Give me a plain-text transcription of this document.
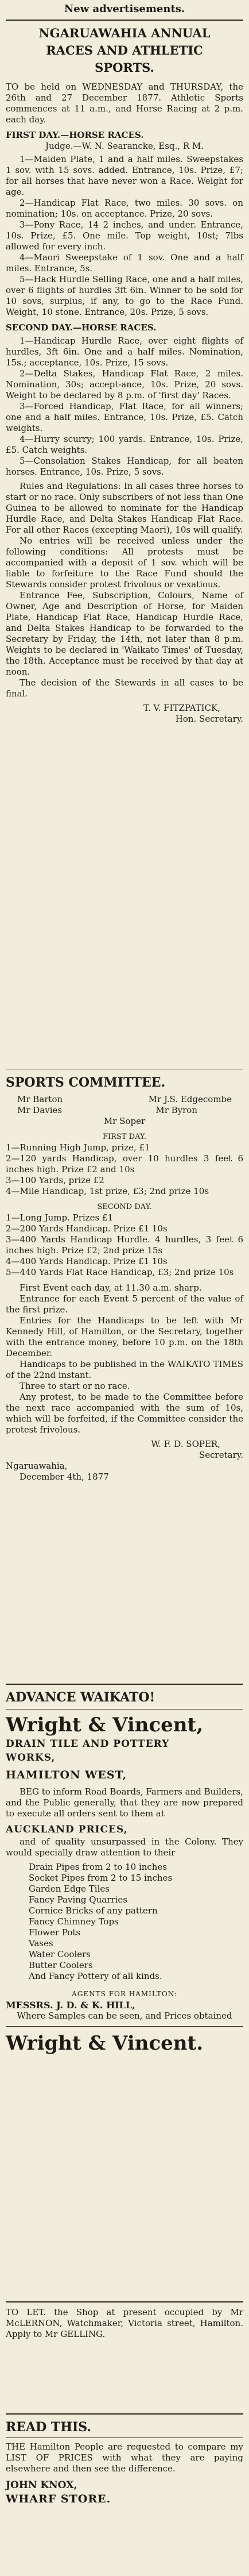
New advertisements.
NGARUAWAHIA ANNUAL
RACES AND ATHLETIC
SPORTS.

TO be held on WEDNESDAY and THURSDAY, the 26th and 27 December 1877. Athletic Sports commences at 11 a.m., and Horse Racing at 2 p.m. each day.

FIRST DAY.—HORSE RACES.

Judge.—W. N. Searancke, Esq., R M.

1—Maiden Plate, 1 and a half miles. Sweepstakes 1 sov. with 15 sovs. added. Entrance, 10s. Prize, £7; for all horses that have never won a Race. Weight for age.

2—Handicap Flat Race, two miles. 30 sovs. on nomination; 10s. on acceptance. Prize, 20 sovs.

3—Pony Race, 14 2 inches, and under. Entrance, 10s. Prize, £5. One mile. Top weight, 10st; 7lbs allowed for every inch.

4—Maori Sweepstake of 1 sov. One and a half miles. Entrance, 5s.

5—Hack Hurdle Selling Race, one and a half miles, over 6 flights of hurdles 3ft 6in. Winner to be sold for 10 sovs, surplus, if any, to go to the Race Fund. Weight, 10 stone. Entrance, 20s. Prize, 5 sovs.

SECOND DAY.—HORSE RACES.

1—Handicap Hurdle Race, over eight flights of hurdles, 3ft 6in. One and a half miles. Nomination, 15s.; acceptance, 10s. Prize, 15 sovs.

2—Delta Stakes, Handicap Flat Race, 2 miles. Nomination, 30s; accept-ance, 10s. Prize, 20 sovs. Weight to be declared by 8 p.m. of 'first day' Races.

3—Forced Handicap, Flat Race, for all winners; one and a half miles. Entrance, 10s. Prize, £5. Catch weights.

4—Hurry scurry; 100 yards. Entrance, 10s. Prize, £5. Catch weights.

5—Consolation Stakes Handicap, for all beaten horses. Entrance, 10s. Prize, 5 sovs.

Rules and Regulations: In all cases three horses to start or no race. Only subscribers of not less than One Guinea to be allowed to nominate for the Handicap Hurdle Race, and Delta Stakes Handicap Flat Race. For all other Races (excepting Maori), 10s will qualify.

No entries will be received unless under the following conditions: All protests must be accompanied with a deposit of 1 sov. which will be liable to forfeiture to the Race Fund should the Stewards consider protest frivolous or vexatious.

Entrance Fee, Subscription, Colours, Name of Owner, Age and Description of Horse, for Maiden Plate, Handicap Flat Race, Handicap Hurdle Race, and Delta Stakes Handicap to be forwarded to the Secretary by Friday, the 14th, not later than 8 p.m. Weights to be declared in 'Waikato Times' of Tuesday, the 18th. Acceptance must be received by that day at noon.

The decision of the Stewards in all cases to be final.

T. V. FITZPATICK,

Hon. Secretary.

SPORTS COMMITTEE.

Mr Barton	Mr J.S. Edgecombe
Mr Davies	Mr Byron

Mr Soper

FIRST DAY.

1—Running High Jump, prize, £1

2—120 yards Handicap, over 10 hurdles 3 feet 6 inches high. Prize £2 and 10s

3—100 Yards, prize £2

4—Mile Handicap, 1st prize, £3; 2nd prize 10s

SECOND DAY.

1—Long Jump. Prizes £1

2—200 Yards Handicap. Prize £1 10s

3—400 Yards Handicap Hurdle. 4 hurdles, 3 feet 6 inches high. Prize £2; 2nd prize 15s

4—400 Yards Handicap. Prize £1 10s

5—440 Yards Flat Race Handicap, £3; 2nd prize 10s

First Event each day, at 11.30 a.m. sharp.

Entrance for each Event 5 percent of the value of the first prize.

Entries for the Handicaps to be left with Mr Kennedy Hill, of Hamilton, or the Secretary, together with the entrance money, before 10 p.m. on the 18th December.

Handicaps to be published in the WAIKATO TIMES of the 22nd instant.

Three to start or no race.

Any protest, to be made to the Committee before the next race accompanied with the sum of 10s, which will be forfeited, if the Committee consider the protest frivolous.

W. F. D. SOPER,

Secretary.

Ngaruawahia,

December 4th, 1877

ADVANCE WAIKATO!

Wright & Vincent,

DRAIN TILE AND POTTERY

WORKS,

HAMILTON WEST,

BEG to inform Road Boards, Farmers and Builders, and the Public generally, that they are now prepared to execute all orders sent to them at

AUCKLAND PRICES,

and of quality unsurpassed in the Colony. They would specially draw attention to their

Drain Pipes from 2 to 10 inches

Socket Pipes from 2 to 15 inches

Garden Edge Tiles

Fancy Paving Quarries

Cornice Bricks of any pattern

Fancy Chimney Tops

Flower Pots

Vases

Water Coolers

Butter Coolers

And Fancy Pottery of all kinds.

AGENTS FOR HAMILTON:

MESSRS. J. D. & K. HILL,

Where Samples can be seen, and Prices obtained

Wright & Vincent.

TO LET. the Shop at present occupied by Mr McLERNON, Watchmaker, Victoria street, Hamilton. Apply to Mr GELLING.

READ THIS.

THE Hamilton People are requested to compare my LIST OF PRICES with what they are paying elsewhere and then see the difference.

JOHN KNOX,

WHARF STORE.
